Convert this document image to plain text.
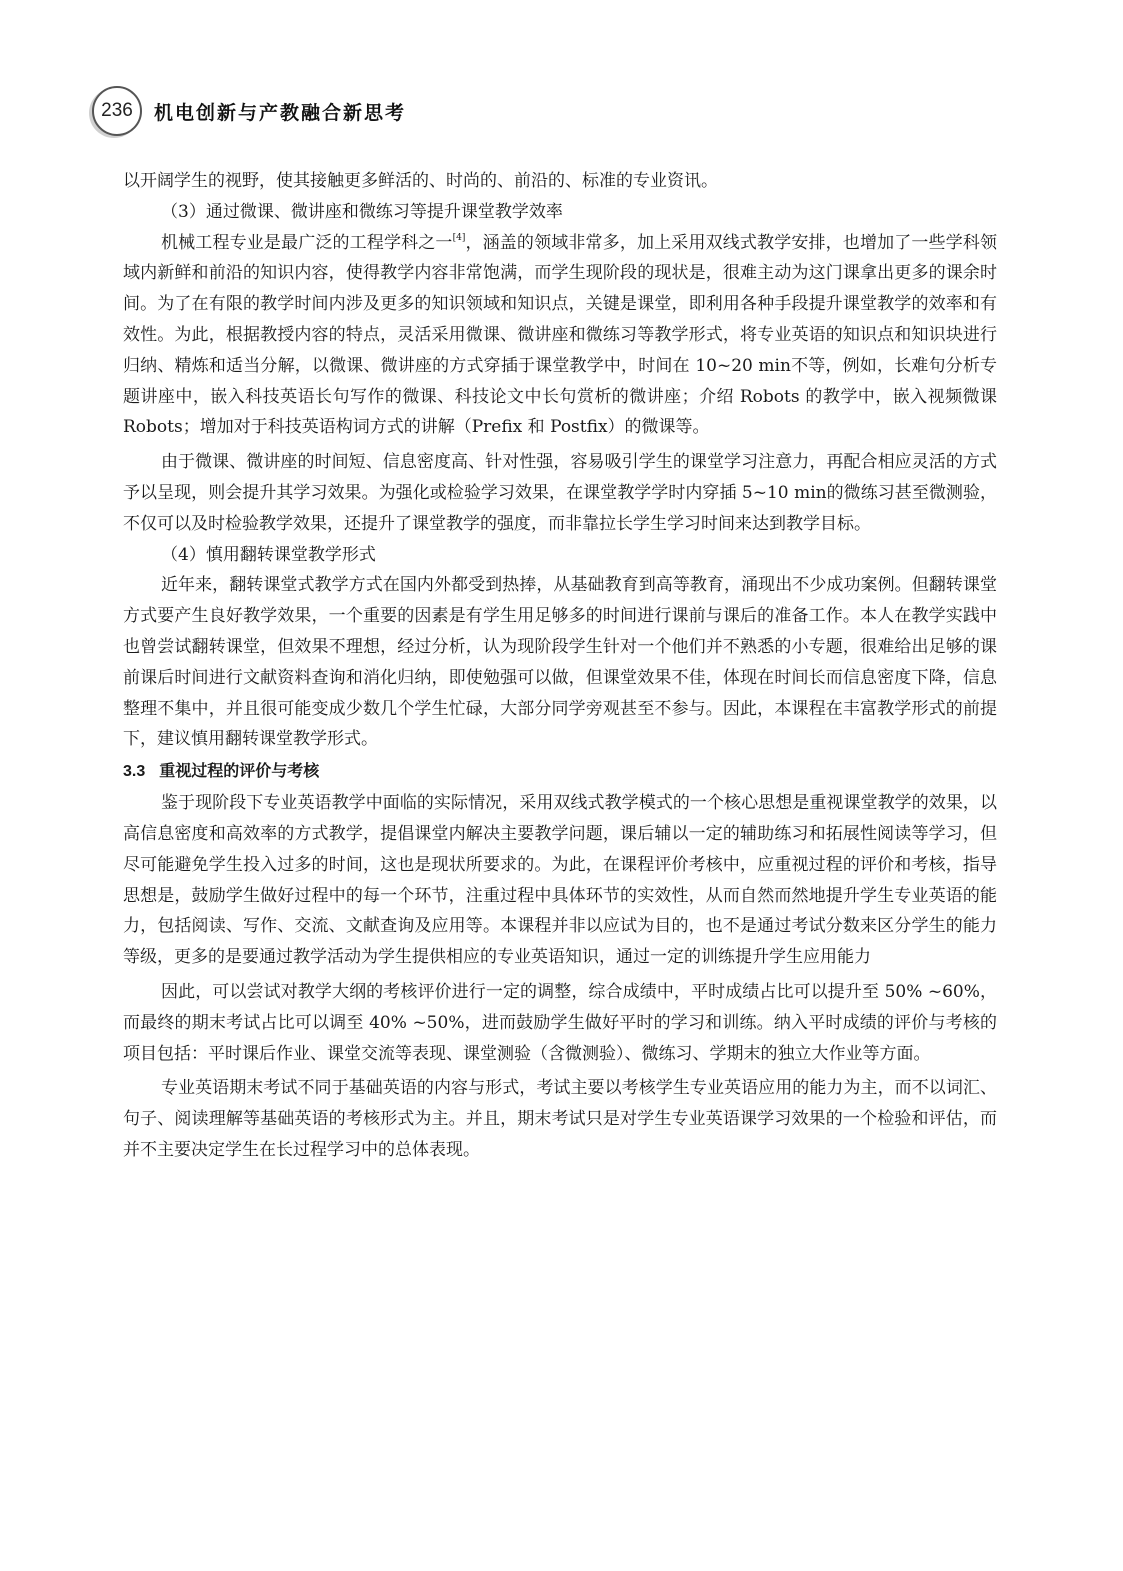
236	机电创新与产教融合新思考

以开阔学生的视野，使其接触更多鲜活的、时尚的、前沿的、标准的专业资讯。

（3）通过微课、微讲座和微练习等提升课堂教学效率

机械工程专业是最广泛的工程学科之一[4]，涵盖的领域非常多，加上采用双线式教学安排，也增加了一些学科领域内新鲜和前沿的知识内容，使得教学内容非常饱满，而学生现阶段的现状是，很难主动为这门课拿出更多的课余时间。为了在有限的教学时间内涉及更多的知识领域和知识点，关键是课堂，即利用各种手段提升课堂教学的效率和有效性。为此，根据教授内容的特点，灵活采用微课、微讲座和微练习等教学形式，将专业英语的知识点和知识块进行归纳、精炼和适当分解，以微课、微讲座的方式穿插于课堂教学中，时间在 10~20 min不等，例如，长难句分析专题讲座中，嵌入科技英语长句写作的微课、科技论文中长句赏析的微讲座；介绍 Robots 的教学中，嵌入视频微课 Robots；增加对于科技英语构词方式的讲解（Prefix 和 Postfix）的微课等。

由于微课、微讲座的时间短、信息密度高、针对性强，容易吸引学生的课堂学习注意力，再配合相应灵活的方式予以呈现，则会提升其学习效果。为强化或检验学习效果，在课堂教学学时内穿插 5~10 min的微练习甚至微测验，不仅可以及时检验教学效果，还提升了课堂教学的强度，而非靠拉长学生学习时间来达到教学目标。

（4）慎用翻转课堂教学形式

近年来，翻转课堂式教学方式在国内外都受到热捧，从基础教育到高等教育，涌现出不少成功案例。但翻转课堂方式要产生良好教学效果，一个重要的因素是有学生用足够多的时间进行课前与课后的准备工作。本人在教学实践中也曾尝试翻转课堂，但效果不理想，经过分析，认为现阶段学生针对一个他们并不熟悉的小专题，很难给出足够的课前课后时间进行文献资料查询和消化归纳，即使勉强可以做，但课堂效果不佳，体现在时间长而信息密度下降，信息整理不集中，并且很可能变成少数几个学生忙碌，大部分同学旁观甚至不参与。因此，本课程在丰富教学形式的前提下，建议慎用翻转课堂教学形式。

3.3 重视过程的评价与考核

鉴于现阶段下专业英语教学中面临的实际情况，采用双线式教学模式的一个核心思想是重视课堂教学的效果，以高信息密度和高效率的方式教学，提倡课堂内解决主要教学问题，课后辅以一定的辅助练习和拓展性阅读等学习，但尽可能避免学生投入过多的时间，这也是现状所要求的。为此，在课程评价考核中，应重视过程的评价和考核，指导思想是，鼓励学生做好过程中的每一个环节，注重过程中具体环节的实效性，从而自然而然地提升学生专业英语的能力，包括阅读、写作、交流、文献查询及应用等。本课程并非以应试为目的，也不是通过考试分数来区分学生的能力等级，更多的是要通过教学活动为学生提供相应的专业英语知识，通过一定的训练提升学生应用能力

因此，可以尝试对教学大纲的考核评价进行一定的调整，综合成绩中，平时成绩占比可以提升至 50% ~60%，而最终的期末考试占比可以调至 40% ~50%，进而鼓励学生做好平时的学习和训练。纳入平时成绩的评价与考核的项目包括：平时课后作业、课堂交流等表现、课堂测验（含微测验）、微练习、学期末的独立大作业等方面。

专业英语期末考试不同于基础英语的内容与形式，考试主要以考核学生专业英语应用的能力为主，而不以词汇、句子、阅读理解等基础英语的考核形式为主。并且，期末考试只是对学生专业英语课学习效果的一个检验和评估，而并不主要决定学生在长过程学习中的总体表现。
